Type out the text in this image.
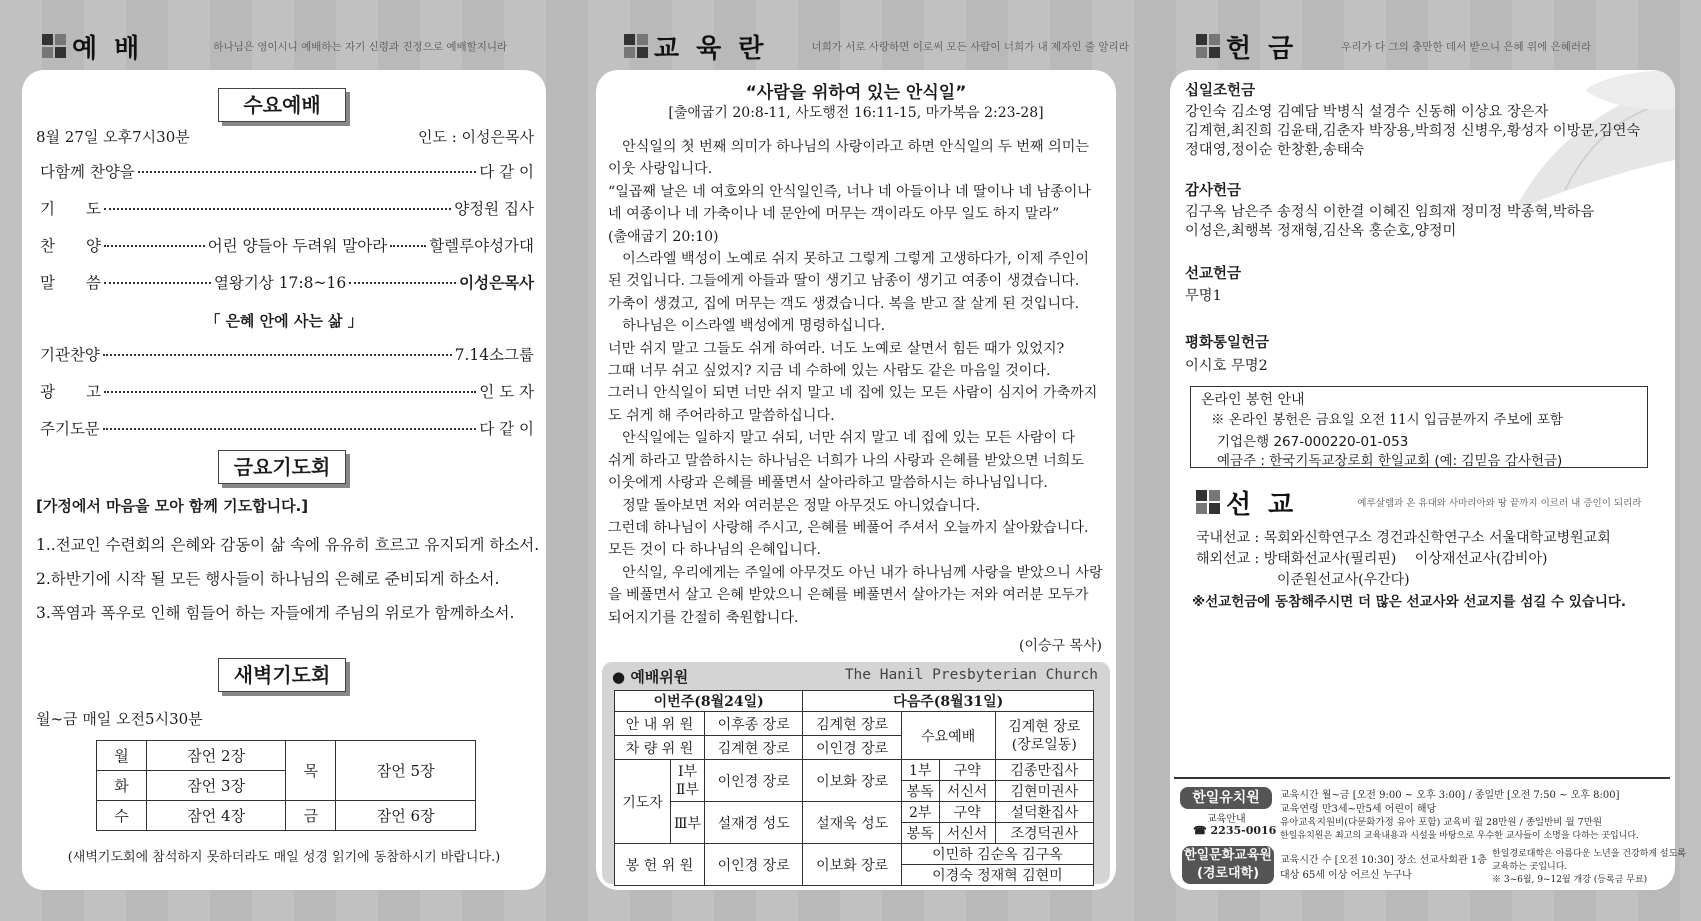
예 배	하나님은 영이시니 예배하는 자기 신령과 진정으로 예배할지니라	교 육 란	너희가 서로 사랑하면 이로써 모든 사람이 너희가 내 제자인 줄 알리라	헌 금	우리가 다 그의 충만한 데서 받으니 은혜 위에 은혜러라
수요예배
8월 27일 오후7시30분	인도 : 이성은목사
다함께 찬양을	다 같 이
기　　도	양정원 집사
찬　　양	어린 양들아 두려워 말아라	할렐루야성가대
말　　씀	열왕기상 17:8~16	이성은목사
「 은혜 안에 사는 삶 」
기관찬양	7.14소그룹
광　　고	인 도 자
주기도문	다 같 이
금요기도회
[가정에서 마음을 모아 함께 기도합니다.]
1..전교인 수련회의 은혜와 감동이 삶 속에 유유히 흐르고 유지되게 하소서.
2.하반기에 시작 될 모든 행사들이 하나님의 은혜로 준비되게 하소서.
3.폭염과 폭우로 인해 힘들어 하는 자들에게 주님의 위로가 함께하소서.
새벽기도회
월~금 매일 오전5시30분
월	잠언 2장	목	잠언 5장
화	잠언 3장		
수	잠언 4장	금	잠언 6장
(새벽기도회에 참석하지 못하더라도 매일 성경 읽기에 동참하시기 바랍니다.)
“사람을 위하여 있는 안식일”
[출애굽기 20:8-11, 사도행전 16:11-15, 마가복음 2:23-28]

　안식일의 첫 번째 의미가 하나님의 사랑이라고 하면 안식일의 두 번째 의미는

이웃 사랑입니다.

“일곱째 날은 네 여호와의 안식일인즉, 너나 네 아들이나 네 딸이나 네 남종이나

네 여종이나 네 가축이나 네 문안에 머무는 객이라도 아무 일도 하지 말라”

(출애굽기 20:10)

　이스라엘 백성이 노예로 쉬지 못하고 그렇게 그렇게 고생하다가, 이제 주인이

된 것입니다. 그들에게 아들과 딸이 생기고 남종이 생기고 여종이 생겼습니다.

가축이 생겼고, 집에 머무는 객도 생겼습니다. 복을 받고 잘 살게 된 것입니다.

　하나님은 이스라엘 백성에게 명령하십니다.

너만 쉬지 말고 그들도 쉬게 하여라. 너도 노예로 살면서 힘든 때가 있었지?

그때 너무 쉬고 싶었지? 지금 네 수하에 있는 사람도 같은 마음일 것이다.

그러니 안식일이 되면 너만 쉬지 말고 네 집에 있는 모든 사람이 심지어 가축까지

도 쉬게 해 주어라하고 말씀하십니다.

　안식일에는 일하지 말고 쉬되, 너만 쉬지 말고 네 집에 있는 모든 사람이 다

쉬게 하라고 말씀하시는 하나님은 너희가 나의 사랑과 은혜를 받았으면 너희도

이웃에게 사랑과 은혜를 베풀면서 살아라하고 말씀하시는 하나님입니다.

　정말 돌아보면 저와 여러분은 정말 아무것도 아니었습니다.

그런데 하나님이 사랑해 주시고, 은혜를 베풀어 주셔서 오늘까지 살아왔습니다.

모든 것이 다 하나님의 은혜입니다.

　안식일, 우리에게는 주일에 아무것도 아닌 내가 하나님께 사랑을 받았으니 사랑

을 베풀면서 살고 은혜 받았으니 은혜를 베풀면서 살아가는 저와 여러분 모두가

되어지기를 간절히 축원합니다.

(이승구 목사)
● 예배위원	The Hanil Presbyterian Church
이번주(8월24일)			다음주(8월31일)			
안 내 위 원		이후종 장로	김계현 장로	수요예배		김계현 장로
(장로일동)
차 량 위 원		김계현 장로	이인경 장로			
기도자	Ⅰ부
Ⅱ부	이인경 장로	이보화 장로	1부	구약	김종만집사
				봉독	서신서	김현미권사
	Ⅲ부	설재경 성도	설재욱 성도	2부	구약	설덕환집사
				봉독	서신서	조경덕권사
봉 헌 위 원		이인경 장로	이보화 장로	이민하 김순옥 김구옥		
				이경숙 정재혁 김현미		
십일조헌금
강인숙 김소영 김예담 박병식 설경수 신동해 이상요 장은자
김계현,최진희 김윤태,김춘자 박장용,박희정 신병우,황성자 이방문,김연숙
정대영,정이순 한창환,송태숙
감사헌금
김구옥 남은주 송정식 이한결 이혜진 임희재 정미정 박종혁,박하음
이성은,최행복 정재형,김산옥 홍순호,양정미
선교헌금
무명1
평화통일헌금
이시호 무명2
온라인 봉헌 안내
※ 온라인 봉헌은 금요일 오전 11시 입금분까지 주보에 포함
기업은행 267-000220-01-053
예금주 : 한국기독교장로회 한일교회 (예: 김믿음 감사헌금)
선 교	예루살렘과 온 유대와 사마리아와 땅 끝까지 이르러 내 증인이 되리라
국내선교 : 목회와신학연구소 경건과신학연구소 서울대학교병원교회
해외선교 : 방태화선교사(필리핀)　 이상재선교사(감비아)
이준원선교사(우간다)
※선교헌금에 동참해주시면 더 많은 선교사와 선교지를 섬길 수 있습니다.
한일유치원
교육안내
☎ 2235-0016
교육시간 월~금 [오전 9:00 ~ 오후 3:00] / 종일반 [오전 7:50 ~ 오후 8:00]
교육연령 만3세~만5세 어린이 해당
유아교육지원비(다문화가정 유아 포함) 교육비 월 28만원 / 종일반비 월 7만원
한일유치원은 최고의 교육내용과 시설을 바탕으로 우수한 교사들이 소명을 다하는 곳입니다.
한일문화교육원
(경로대학)
교육시간 수 [오전 10:30] 장소 선교사회관 1층
대상 65세 이상 어르신 누구나
한일경로대학은 아름다운 노년을 건강하게 설도록
교육하는 곳입니다.
※ 3~6월, 9~12월 개강 (등록금 무료)
